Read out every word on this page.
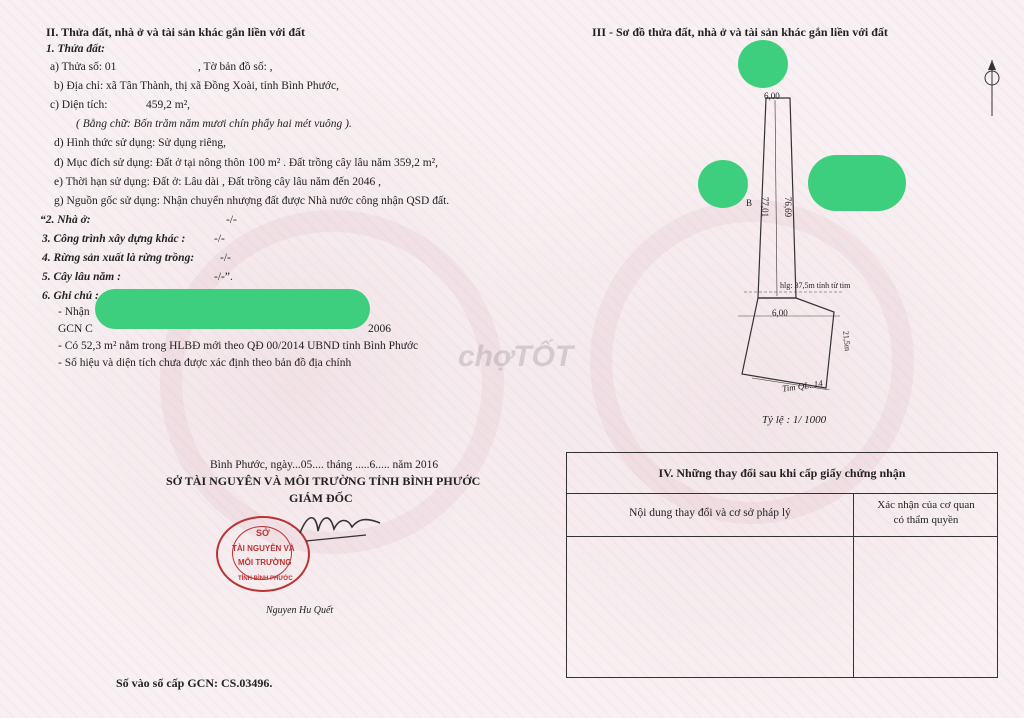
II. Thửa đất, nhà ở và tài sản khác gắn liền với đất
1. Thửa đất:
a) Thửa số: 01	, Tờ bản đồ số: ,
b) Địa chỉ: xã Tân Thành, thị xã Đồng Xoài, tỉnh Bình Phước,
c) Diện tích:	459,2 m²,
( Bằng chữ: Bốn trăm năm mươi chín phẩy hai mét vuông ).
d) Hình thức sử dụng: Sử dụng riêng,
đ) Mục đích sử dụng: Đất ở tại nông thôn 100 m² . Đất trồng cây lâu năm 359,2 m²,
e) Thời hạn sử dụng: Đất ở: Lâu dài , Đất trồng cây lâu năm đến 2046 ,
g) Nguồn gốc sử dụng: Nhận chuyển nhượng đất được Nhà nước công nhận QSD đất.
“2. Nhà ở:	-/-
3. Công trình xây dựng khác : -/-
4. Rừng sản xuất là rừng trồng: -/-
5. Cây lâu năm :	-/-”.
6. Ghi chú :
- Nhận
GCN C	2006
- Có 52,3 m² nằm trong HLBĐ mới theo QĐ 00/2014 UBND tỉnh Bình Phước
- Số hiệu và diện tích chưa được xác định theo bản đồ địa chính
Bình Phước, ngày...05.... tháng .....6..... năm 2016
SỞ TÀI NGUYÊN VÀ MÔI TRƯỜNG TỈNH BÌNH PHƯỚC
GIÁM ĐỐC
SỞ
TÀI NGUYÊN VÀ
MÔI TRƯỜNG
TỈNH BÌNH PHƯỚC
Nguyen Hu Quết
Số vào sổ cấp GCN: CS.03496.
III - Sơ đồ thửa đất, nhà ở và tài sản khác gắn liền với đất
6,00
77,01 76,69
hlg: 37,5m tính từ tim
6,00
21,5m
Tim QL. 14
Tỷ lệ : 1/ 1000
B
chợTỐT
IV. Những thay đổi sau khi cấp giấy chứng nhận
Nội dung thay đổi và cơ sở pháp lý
Xác nhận của cơ quan
có thẩm quyền
